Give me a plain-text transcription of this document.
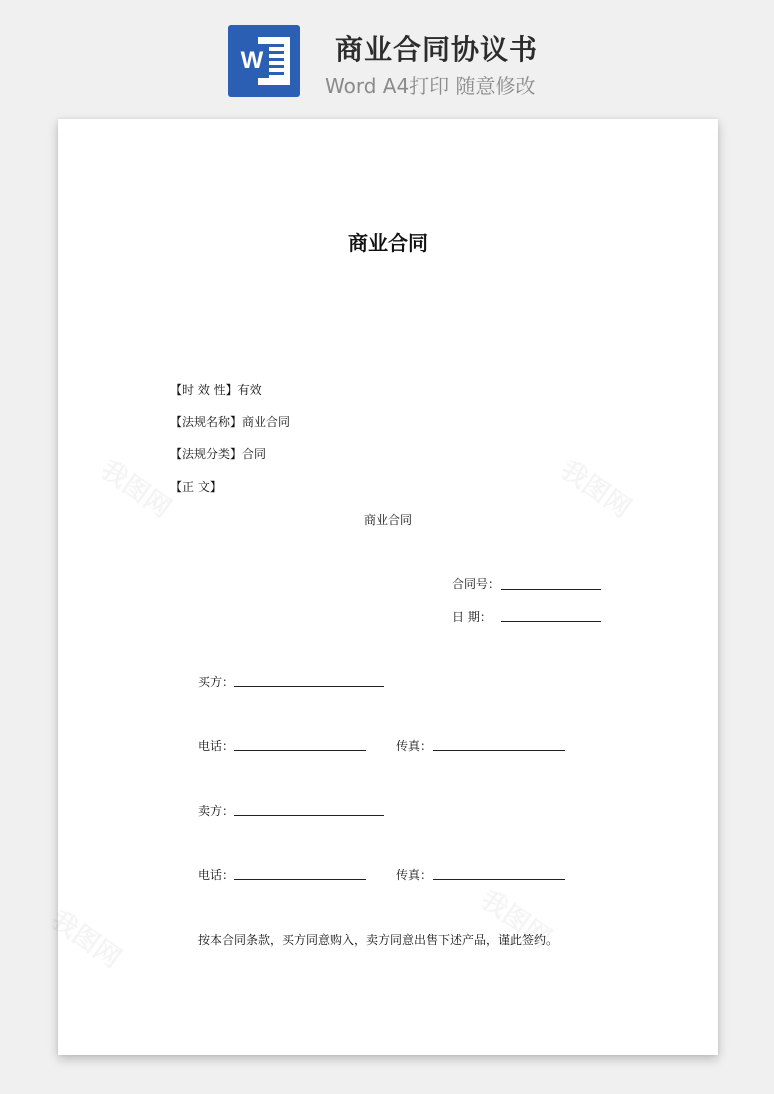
W	商业合同协议书
Word A4打印 随意修改
商业合同
【时 效 性】有效
【法规名称】商业合同
【法规分类】合同
【正 文】
商业合同
合同号：
日 期：
买方：
电话：	传真：
卖方：
电话：	传真：
按本合同条款，买方同意购入，卖方同意出售下述产品，谨此签约。
